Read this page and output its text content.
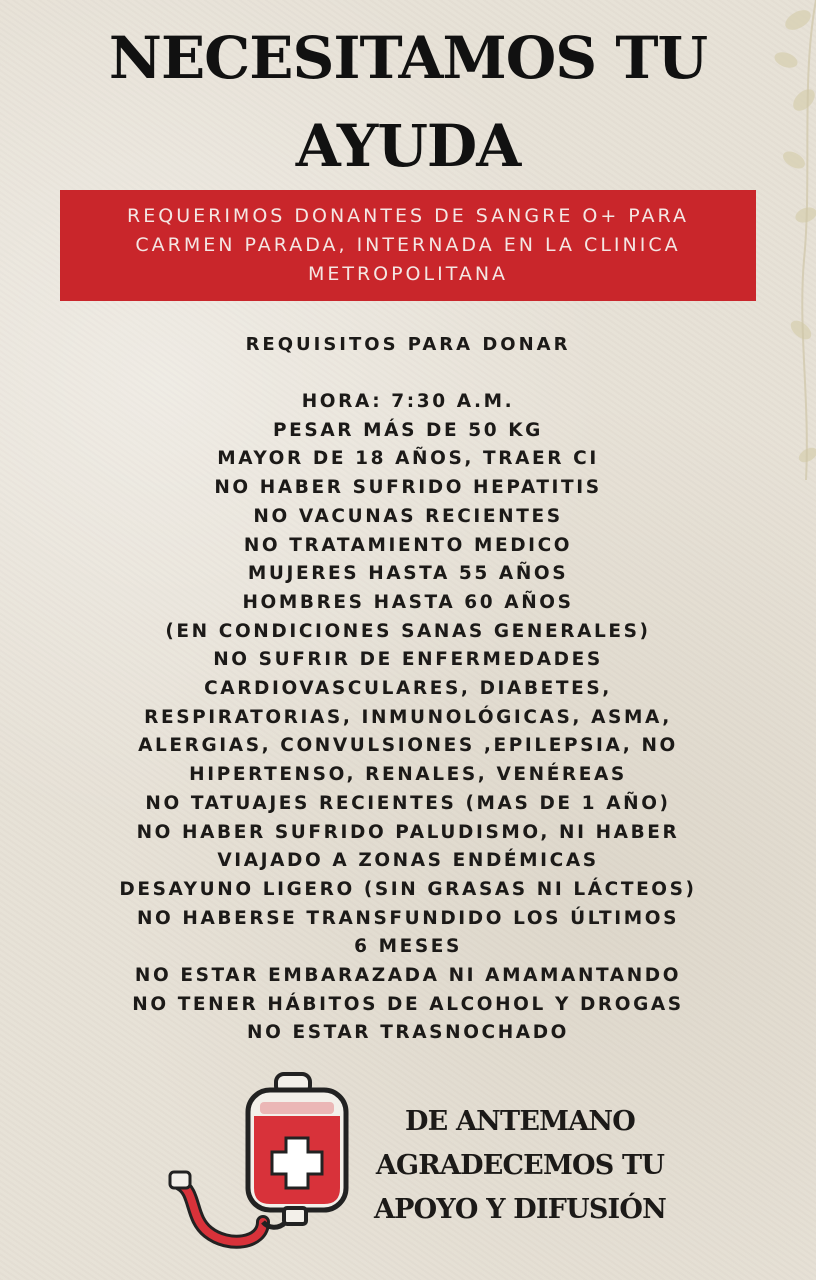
NECESITAMOS TU
AYUDA

REQUERIMOS DONANTES DE SANGRE O+ PARA
CARMEN PARADA, INTERNADA EN LA CLINICA
METROPOLITANA

REQUISITOS PARA DONAR
HORA: 7:30 A.M.
PESAR MÁS DE 50 KG
MAYOR DE 18 AÑOS, TRAER CI
NO HABER SUFRIDO HEPATITIS
NO VACUNAS RECIENTES
NO TRATAMIENTO MEDICO
MUJERES HASTA 55 AÑOS
HOMBRES HASTA 60 AÑOS
(EN CONDICIONES SANAS GENERALES)
NO SUFRIR DE ENFERMEDADES
CARDIOVASCULARES, DIABETES,
RESPIRATORIAS, INMUNOLÓGICAS, ASMA,
ALERGIAS, CONVULSIONES ,EPILEPSIA, NO
HIPERTENSO, RENALES, VENÉREAS
NO TATUAJES RECIENTES (MAS DE 1 AÑO)
NO HABER SUFRIDO PALUDISMO, NI HABER
VIAJADO A ZONAS ENDÉMICAS
DESAYUNO LIGERO (SIN GRASAS NI LÁCTEOS)
NO HABERSE TRANSFUNDIDO LOS ÚLTIMOS
6 MESES
NO ESTAR EMBARAZADA NI AMAMANTANDO
NO TENER HÁBITOS DE ALCOHOL Y DROGAS
NO ESTAR TRASNOCHADO

DE ANTEMANO
AGRADECEMOS TU
APOYO Y DIFUSIÓN
